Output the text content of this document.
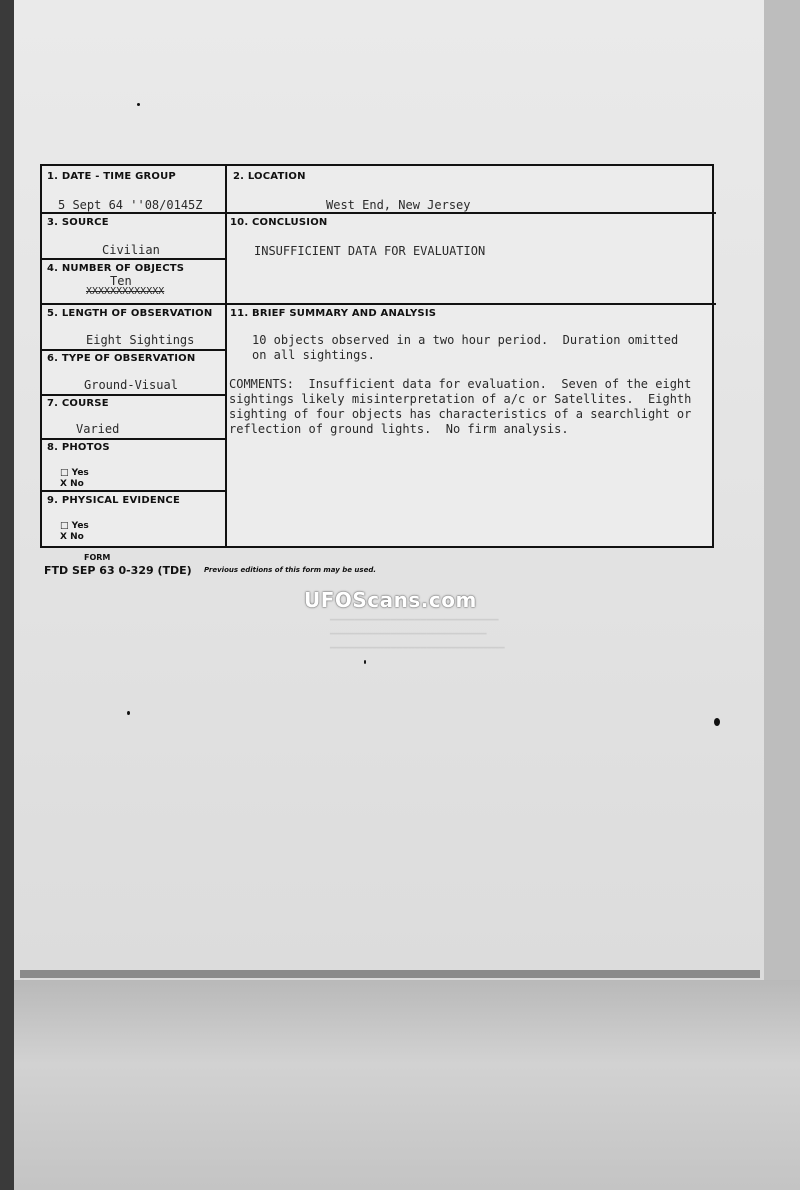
━━━━━━━━━━━━━━━━━━━━━━━━━━━━
━━━━━━━━━━━━━━━━━━━━━━━━━━
━━━━━━━━━━━━━━━━━━━━━━━━━━━━━

1. DATE - TIME GROUP
5 Sept 64 ''08/0145Z
2. LOCATION
West End, New Jersey
3. SOURCE
Civilian
10. CONCLUSION
INSUFFICIENT DATA FOR EVALUATION
4. NUMBER OF OBJECTS
Ten
XXXXXXXXXXXXX
5. LENGTH OF OBSERVATION
Eight Sightings
11. BRIEF SUMMARY AND ANALYSIS
10 objects observed in a two hour period.  Duration omitted
on all sightings.
COMMENTS:  Insufficient data for evaluation.  Seven of the eight
sightings likely misinterpretation of a/c or Satellites.  Eighth
sighting of four objects has characteristics of a searchlight or
reflection of ground lights.  No firm analysis.
6. TYPE OF OBSERVATION
Ground-Visual
7. COURSE
Varied
8. PHOTOS
□ Yes
X No
9. PHYSICAL EVIDENCE
□ Yes
X No
FORM
FTD SEP 63 0-329 (TDE) Previous editions of this form may be used.
UFOScans.com
